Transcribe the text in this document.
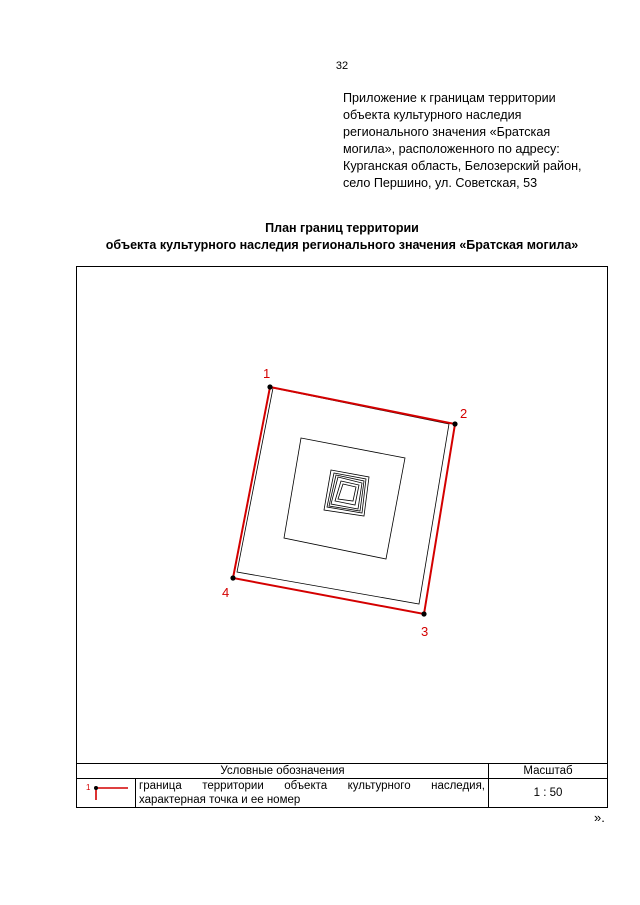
32
Приложение к границам территории
объекта культурного наследия
регионального значения «Братская
могила», расположенного по адресу:
Курганская область, Белозерский район,
село Першино, ул. Советская, 53
План границ территории
объекта культурного наследия регионального значения «Братская могила»
1
2
3
4
Условные обозначения		Масштаб

1	граница территории объекта культурного наследия, характерная точка и ее номер	1 : 50
».
